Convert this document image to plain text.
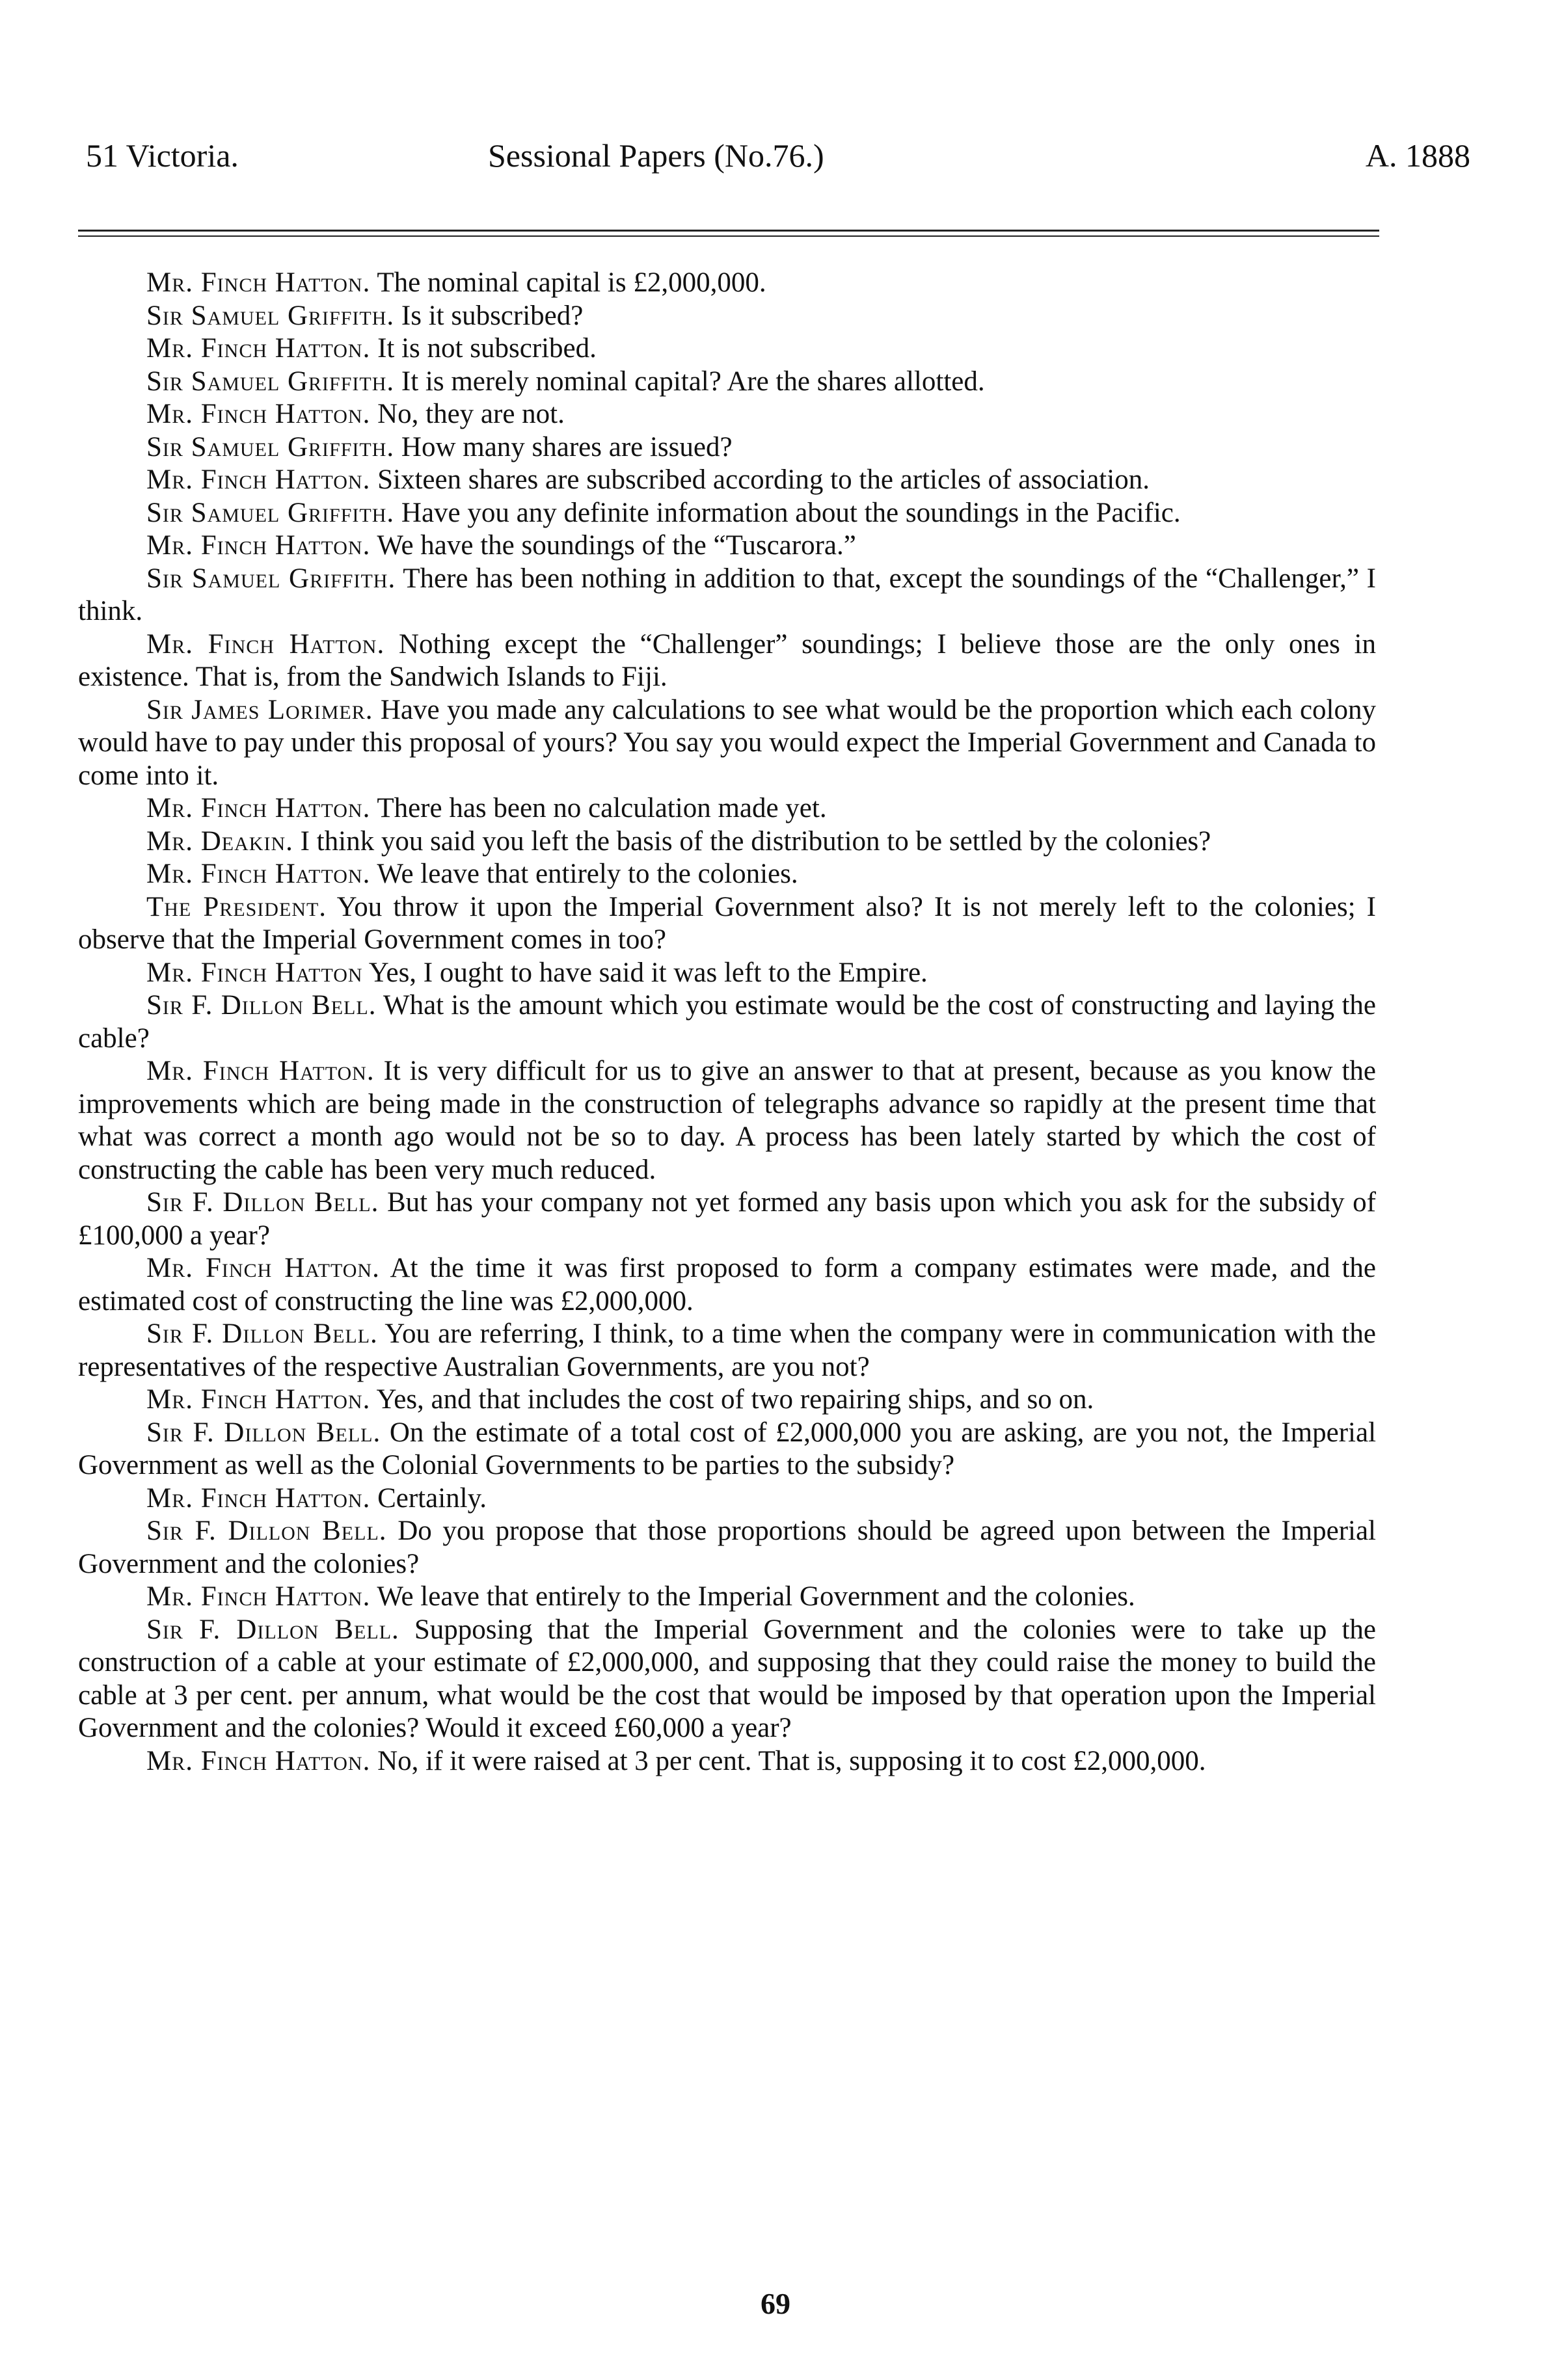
51 Victoria.	Sessional Papers (No.76.)	A. 1888

Mr. Finch Hatton. The nominal capital is £2,000,000.

Sir Samuel Griffith. Is it subscribed?

Mr. Finch Hatton. It is not subscribed.

Sir Samuel Griffith. It is merely nominal capital? Are the shares allotted.

Mr. Finch Hatton. No, they are not.

Sir Samuel Griffith. How many shares are issued?

Mr. Finch Hatton. Sixteen shares are subscribed according to the articles of association.

Sir Samuel Griffith. Have you any definite information about the soundings in the Pacific.

Mr. Finch Hatton. We have the soundings of the “Tuscarora.”

Sir Samuel Griffith. There has been nothing in addition to that, except the soundings of the “Challenger,” I think.

Mr. Finch Hatton. Nothing except the “Challenger” soundings; I believe those are the only ones in existence. That is, from the Sandwich Islands to Fiji.

Sir James Lorimer. Have you made any calculations to see what would be the proportion which each colony would have to pay under this proposal of yours? You say you would expect the Imperial Government and Canada to come into it.

Mr. Finch Hatton. There has been no calculation made yet.

Mr. Deakin. I think you said you left the basis of the distribution to be settled by the colonies?

Mr. Finch Hatton. We leave that entirely to the colonies.

The President. You throw it upon the Imperial Government also? It is not merely left to the colonies; I observe that the Imperial Government comes in too?

Mr. Finch Hatton Yes, I ought to have said it was left to the Empire.

Sir F. Dillon Bell. What is the amount which you estimate would be the cost of constructing and laying the cable?

Mr. Finch Hatton. It is very difficult for us to give an answer to that at present, because as you know the improvements which are being made in the construction of telegraphs advance so rapidly at the present time that what was correct a month ago would not be so to day. A process has been lately started by which the cost of constructing the cable has been very much reduced.

Sir F. Dillon Bell. But has your company not yet formed any basis upon which you ask for the subsidy of £100,000 a year?

Mr. Finch Hatton. At the time it was first proposed to form a company estimates were made, and the estimated cost of constructing the line was £2,000,000.

Sir F. Dillon Bell. You are referring, I think, to a time when the company were in communication with the representatives of the respective Australian Governments, are you not?

Mr. Finch Hatton. Yes, and that includes the cost of two repairing ships, and so on.

Sir F. Dillon Bell. On the estimate of a total cost of £2,000,000 you are asking, are you not, the Imperial Government as well as the Colonial Governments to be parties to the subsidy?

Mr. Finch Hatton. Certainly.

Sir F. Dillon Bell. Do you propose that those proportions should be agreed upon between the Imperial Government and the colonies?

Mr. Finch Hatton. We leave that entirely to the Imperial Government and the colonies.

Sir F. Dillon Bell. Supposing that the Imperial Government and the colonies were to take up the construction of a cable at your estimate of £2,000,000, and supposing that they could raise the money to build the cable at 3 per cent. per annum, what would be the cost that would be imposed by that operation upon the Imperial Government and the colonies? Would it exceed £60,000 a year?

Mr. Finch Hatton. No, if it were raised at 3 per cent. That is, supposing it to cost £2,000,000.

69
